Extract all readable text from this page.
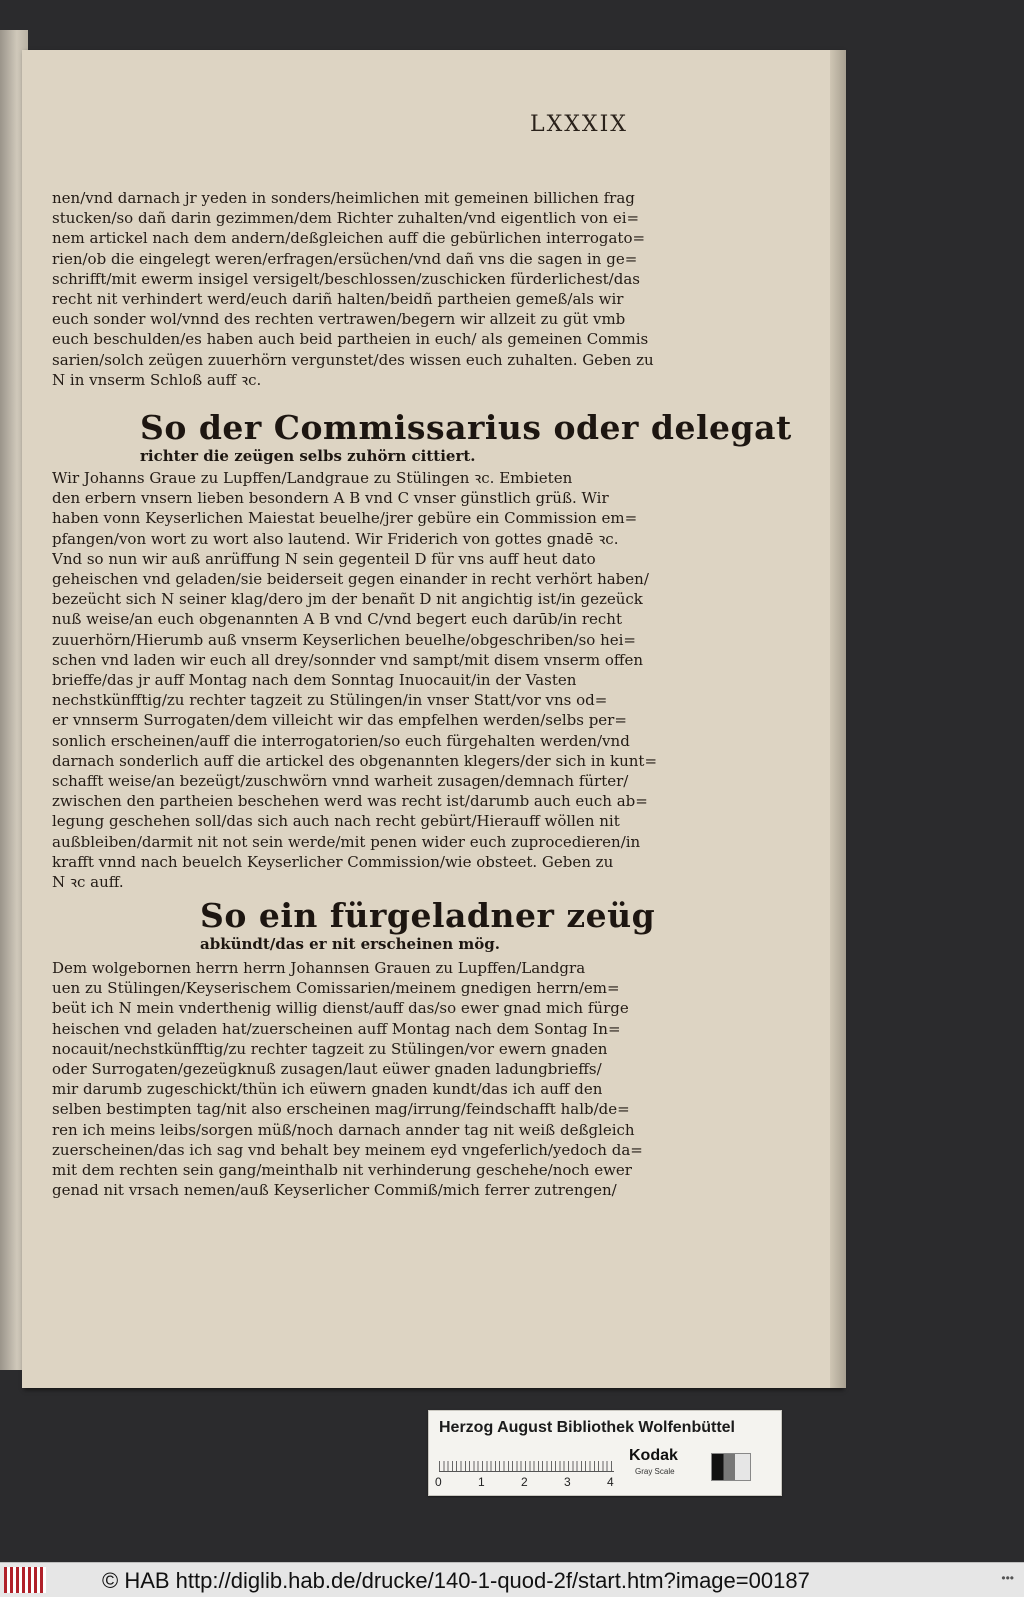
LXXXIX
nen/vnd darnach jr yeden in sonders/heimlichen mit gemeinen billichen frag
stucken/so dañ darin gezimmen/dem Richter zuhalten/vnd eigentlich von ei=
nem artickel nach dem andern/deßgleichen auff die gebürlichen interrogato=
rien/ob die eingelegt weren/erfragen/ersüchen/vnd dañ vns die sagen in ge=
schrifft/mit ewerm insigel versigelt/beschlossen/zuschicken fürderlichest/das
recht nit verhindert werd/euch dariñ halten/beidñ partheien gemeß/als wir
euch sonder wol/vnnd des rechten vertrawen/begern wir allzeit zu güt vmb
euch beschulden/es haben auch beid partheien in euch/ als gemeinen Commis
sarien/solch zeügen zuuerhörn vergunstet/des wissen euch zuhalten. Geben zu
N in vnserm Schloß auff ꝛc.
So der Commissarius oder delegat
richter die zeügen selbs zuhörn cittiert.
Wir Johanns Graue zu Lupffen/Landgraue zu Stülingen ꝛc. Embieten
den erbern vnsern lieben besondern A B vnd C vnser günstlich grüß. Wir
haben vonn Keyserlichen Maiestat beuelhe/jrer gebüre ein Commission em=
pfangen/von wort zu wort also lautend. Wir Friderich von gottes gnadē ꝛc.
Vnd so nun wir auß anrüffung N sein gegenteil D für vns auff heut dato
geheischen vnd geladen/sie beiderseit gegen einander in recht verhört haben/
bezeücht sich N seiner klag/dero jm der benañt D nit angichtig ist/in gezeück
nuß weise/an euch obgenannten A B vnd C/vnd begert euch darūb/in recht
zuuerhörn/Hierumb auß vnserm Keyserlichen beuelhe/obgeschriben/so hei=
schen vnd laden wir euch all drey/sonnder vnd sampt/mit disem vnserm offen
brieffe/das jr auff Montag nach dem Sonntag Inuocauit/in der Vasten
nechstkünfftig/zu rechter tagzeit zu Stülingen/in vnser Statt/vor vns od=
er vnnserm Surrogaten/dem villeicht wir das empfelhen werden/selbs per=
sonlich erscheinen/auff die interrogatorien/so euch fürgehalten werden/vnd
darnach sonderlich auff die artickel des obgenannten klegers/der sich in kunt=
schafft weise/an bezeügt/zuschwörn vnnd warheit zusagen/demnach fürter/
zwischen den partheien beschehen werd was recht ist/darumb auch euch ab=
legung geschehen soll/das sich auch nach recht gebürt/Hierauff wöllen nit
außbleiben/darmit nit not sein werde/mit penen wider euch zuprocedieren/in
krafft vnnd nach beuelch Keyserlicher Commission/wie obsteet. Geben zu
N ꝛc auff.
So ein fürgeladner zeüg
abkündt/das er nit erscheinen mög.
Dem wolgebornen herrn herrn Johannsen Grauen zu Lupffen/Landgra
uen zu Stülingen/Keyserischem Comissarien/meinem gnedigen herrn/em=
beüt ich N mein vnderthenig willig dienst/auff das/so ewer gnad mich fürge
heischen vnd geladen hat/zuerscheinen auff Montag nach dem Sontag In=
nocauit/nechstkünfftig/zu rechter tagzeit zu Stülingen/vor ewern gnaden
oder Surrogaten/gezeügknuß zusagen/laut eüwer gnaden ladungbrieffs/
mir darumb zugeschickt/thün ich eüwern gnaden kundt/das ich auff den
selben bestimpten tag/nit also erscheinen mag/irrung/feindschafft halb/de=
ren ich meins leibs/sorgen müß/noch darnach annder tag nit weiß deßgleich
zuerscheinen/das ich sag vnd behalt bey meinem eyd vngeferlich/yedoch da=
mit dem rechten sein gang/meinthalb nit verhinderung geschehe/noch ewer
genad nit vrsach nemen/auß Keyserlicher Commiß/mich ferrer zutrengen/
Herzog August Bibliothek Wolfenbüttel
0	1	2	3	4
Kodak
Gray Scale
© HAB http://diglib.hab.de/drucke/140-1-quod-2f/start.htm?image=00187	•••
